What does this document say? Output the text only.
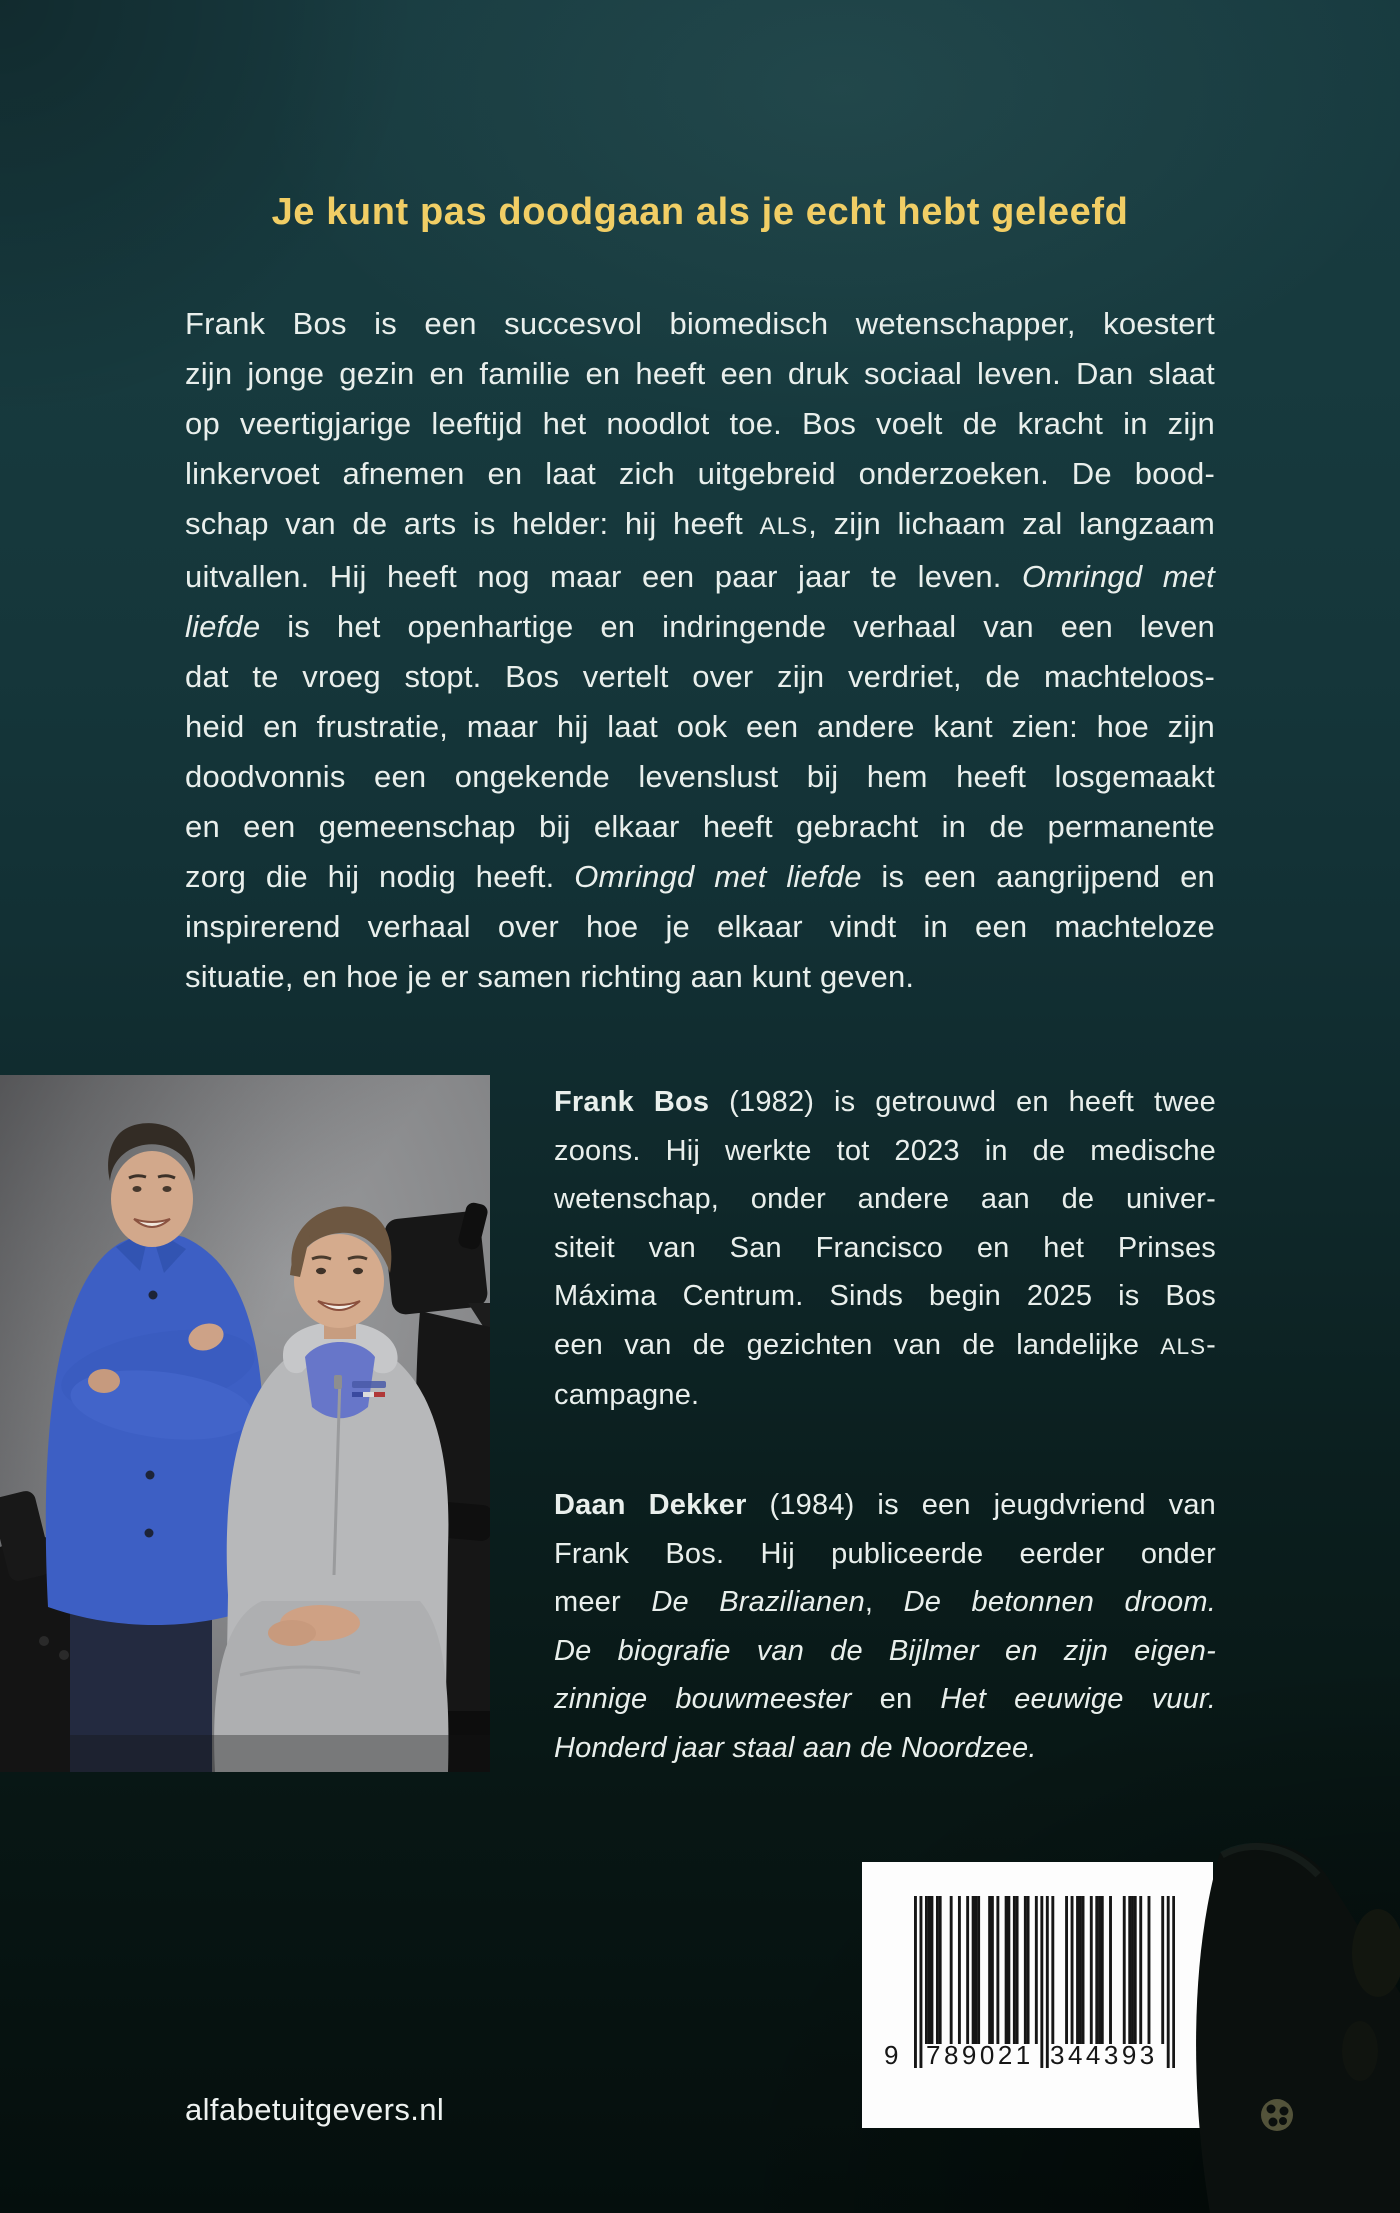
Je kunt pas doodgaan als je echt hebt geleefd
Frank Bos is een succesvol biomedisch wetenschapper, koestert
zijn jonge gezin en familie en heeft een druk sociaal leven. Dan slaat
op veertigjarige leeftijd het noodlot toe. Bos voelt de kracht in zijn
linkervoet afnemen en laat zich uitgebreid onderzoeken. De bood-
schap van de arts is helder: hij heeft ALS, zijn lichaam zal langzaam
uitvallen. Hij heeft nog maar een paar jaar te leven. Omringd met
liefde is het openhartige en indringende verhaal van een leven
dat te vroeg stopt. Bos vertelt over zijn verdriet, de machteloos-
heid en frustratie, maar hij laat ook een andere kant zien: hoe zijn
doodvonnis een ongekende levenslust bij hem heeft losgemaakt
en een gemeenschap bij elkaar heeft gebracht in de permanente
zorg die hij nodig heeft. Omringd met liefde is een aangrijpend en
inspirerend verhaal over hoe je elkaar vindt in een machteloze
situatie, en hoe je er samen richting aan kunt geven.
Frank Bos (1982) is getrouwd en heeft twee
zoons. Hij werkte tot 2023 in de medische
wetenschap, onder andere aan de univer-
siteit van San Francisco en het Prinses
Máxima Centrum. Sinds begin 2025 is Bos
een van de gezichten van de landelijke ALS-
campagne.
Daan Dekker (1984) is een jeugdvriend van
Frank Bos. Hij publiceerde eerder onder
meer De Brazilianen, De betonnen droom.
De biografie van de Bijlmer en zijn eigen-
zinnige bouwmeester en Het eeuwige vuur.
Honderd jaar staal aan de Noordzee.
9 789021 344393
alfabetuitgevers.nl
